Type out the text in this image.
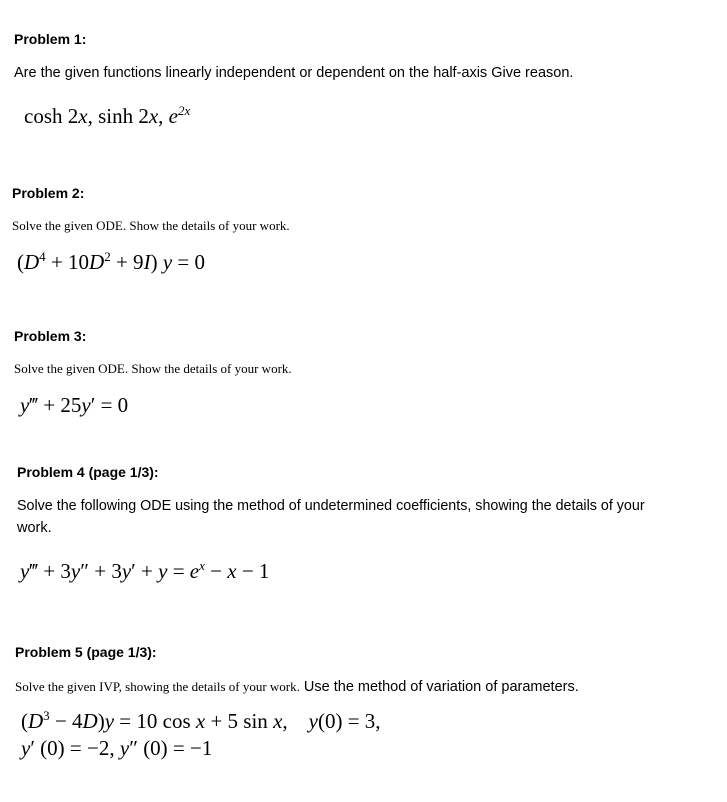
Problem 1:
Are the given functions linearly independent or dependent on the half-axis Give reason.
cosh 2x, sinh 2x, $e^{2x}$
Problem 2:
Solve the given ODE. Show the details of your work.
$(D^4 + 10D^2 + 9I) y = 0$
Problem 3:
Solve the given ODE. Show the details of your work.
y‴ + 25y′ = 0
Problem 4 (page 1/3):
Solve the following ODE using the method of undetermined coefficients, showing the details of your
work.
y‴ + $3y'' + 3y' + y = e^x - x - 1$
Problem 5 (page 1/3):
Solve the given IVP, showing the details of your work. Use the method of variation of parameters.
$(D^3 - 4D)y = 10$ cos x + 5 sin x,    y(0) = 3,
y′ (0) = −2, y″ (0) = −1
